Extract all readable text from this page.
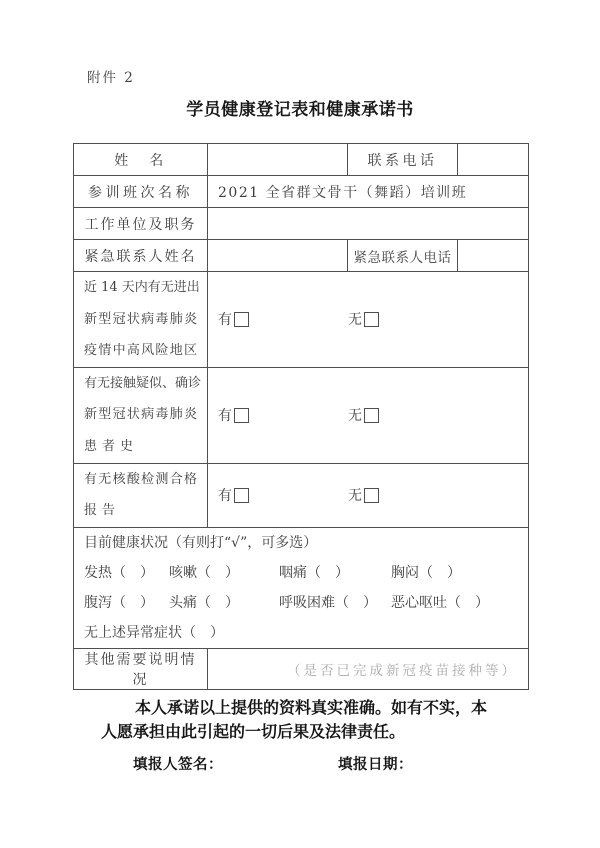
附件 2
学员健康登记表和健康承诺书
姓　名		联系电话	
参训班次名称	2021 全省群文骨干（舞蹈）培训班		
工作单位及职务			
紧急联系人姓名		紧急联系人电话	

近 14 天内有无进出
新型冠状病毒肺炎
疫情中高风险地区

有	无

有无接触疑似、确诊
新型冠状病毒肺炎
患者史

有	无

有无核酸检测合格
报告

有	无

目前健康状况（有则打“√”，可多选）
发热（　）	咳嗽（　）	咽痛（　）	胸闷（　）
腹泻（　）	头痛（　）	呼吸困难（　）	恶心呕吐（　）
无上述异常症状（　）

其他需要说明情况	（是否已完成新冠疫苗接种等）		
本人承诺以上提供的资料真实准确。如有不实，本人愿承担由此引起的一切后果及法律责任。
填报人签名：	填报日期：
